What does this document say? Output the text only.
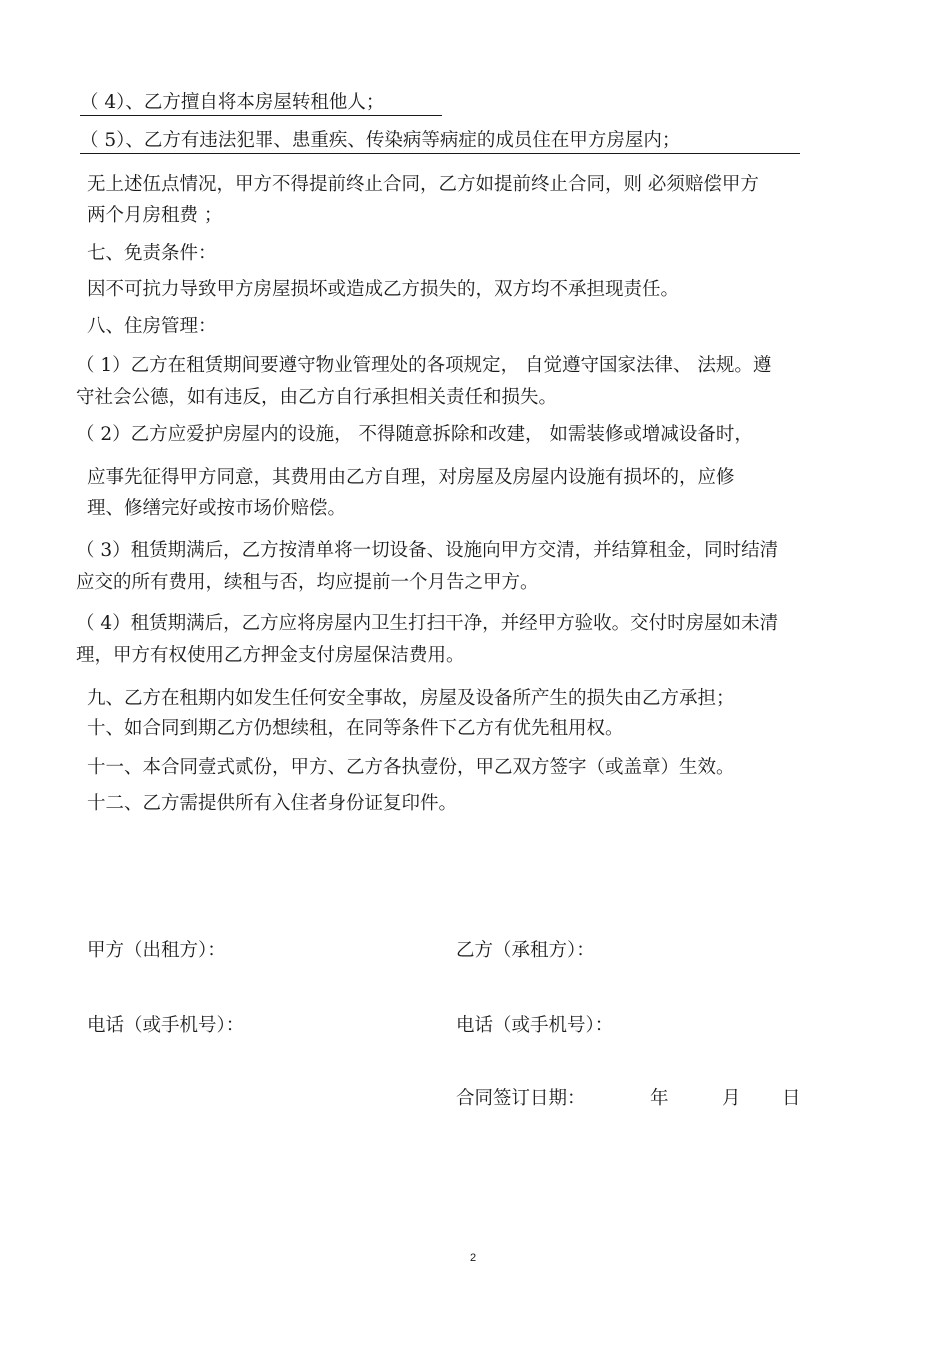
（ 4）、乙方擅自将本房屋转租他人；
（ 5）、乙方有违法犯罪、患重疾、传染病等病症的成员住在甲方房屋内；
无上述伍点情况，甲方不得提前终止合同，乙方如提前终止合同，则 必须赔偿甲方
两个月房租费 ；
七、免责条件：
因不可抗力导致甲方房屋损坏或造成乙方损失的，双方均不承担现责任。
八、住房管理：
（ 1）乙方在租赁期间要遵守物业管理处的各项规定， 自觉遵守国家法律、 法规。遵
守社会公德，如有违反，由乙方自行承担相关责任和损失。
（ 2）乙方应爱护房屋内的设施， 不得随意拆除和改建， 如需装修或增减设备时，
应事先征得甲方同意，其费用由乙方自理，对房屋及房屋内设施有损坏的，应修
理、修缮完好或按市场价赔偿。
（ 3）租赁期满后，乙方按清单将一切设备、设施向甲方交清，并结算租金，同时结清
应交的所有费用，续租与否，均应提前一个月告之甲方。
（ 4）租赁期满后，乙方应将房屋内卫生打扫干净，并经甲方验收。交付时房屋如未清
理，甲方有权使用乙方押金支付房屋保洁费用。
九、乙方在租期内如发生任何安全事故，房屋及设备所产生的损失由乙方承担；
十、如合同到期乙方仍想续租，在同等条件下乙方有优先租用权。
十一、本合同壹式贰份，甲方、乙方各执壹份，甲乙双方签字（或盖章）生效。
十二、乙方需提供所有入住者身份证复印件。
甲方（出租方）：	乙方（承租方）：
电话（或手机号）：	电话（或手机号）：
合同签订日期：	年	月 日
2
